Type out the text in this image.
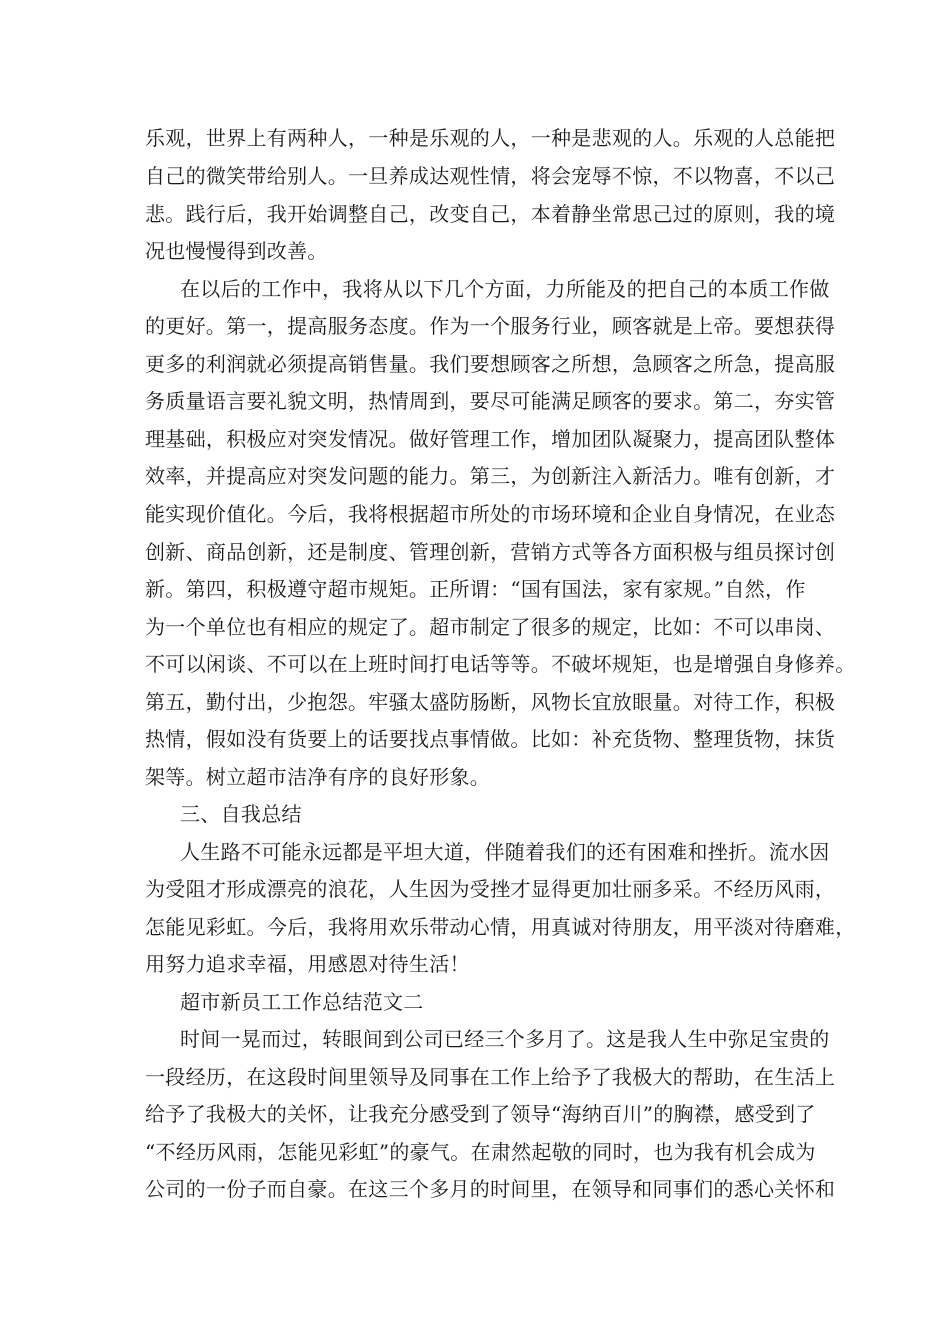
乐观，世界上有两种人，一种是乐观的人，一种是悲观的人。乐观的人总能把
自己的微笑带给别人。一旦养成达观性情，将会宠辱不惊，不以物喜，不以己
悲。践行后，我开始调整自己，改变自己，本着静坐常思己过的原则，我的境
况也慢慢得到改善。
在以后的工作中，我将从以下几个方面，力所能及的把自己的本质工作做
的更好。第一，提高服务态度。作为一个服务行业，顾客就是上帝。要想获得
更多的利润就必须提高销售量。我们要想顾客之所想，急顾客之所急，提高服
务质量语言要礼貌文明，热情周到，要尽可能满足顾客的要求。第二，夯实管
理基础，积极应对突发情况。做好管理工作，增加团队凝聚力，提高团队整体
效率，并提高应对突发问题的能力。第三，为创新注入新活力。唯有创新，才
能实现价值化。今后，我将根据超市所处的市场环境和企业自身情况，在业态
创新、商品创新，还是制度、管理创新，营销方式等各方面积极与组员探讨创
新。第四，积极遵守超市规矩。正所谓：“国有国法，家有家规。”自然，作
为一个单位也有相应的规定了。超市制定了很多的规定，比如：不可以串岗、
不可以闲谈、不可以在上班时间打电话等等。不破坏规矩，也是增强自身修养。
第五，勤付出，少抱怨。牢骚太盛防肠断，风物长宜放眼量。对待工作，积极
热情，假如没有货要上的话要找点事情做。比如：补充货物、整理货物，抹货
架等。树立超市洁净有序的良好形象。
三、自我总结
人生路不可能永远都是平坦大道，伴随着我们的还有困难和挫折。流水因
为受阻才形成漂亮的浪花，人生因为受挫才显得更加壮丽多采。不经历风雨，
怎能见彩虹。今后，我将用欢乐带动心情，用真诚对待朋友，用平淡对待磨难，
用努力追求幸福，用感恩对待生活！
超市新员工工作总结范文二
时间一晃而过，转眼间到公司已经三个多月了。这是我人生中弥足宝贵的
一段经历，在这段时间里领导及同事在工作上给予了我极大的帮助，在生活上
给予了我极大的关怀，让我充分感受到了领导“海纳百川”的胸襟，感受到了
“不经历风雨，怎能见彩虹”的豪气。在肃然起敬的同时，也为我有机会成为
公司的一份子而自豪。在这三个多月的时间里，在领导和同事们的悉心关怀和
